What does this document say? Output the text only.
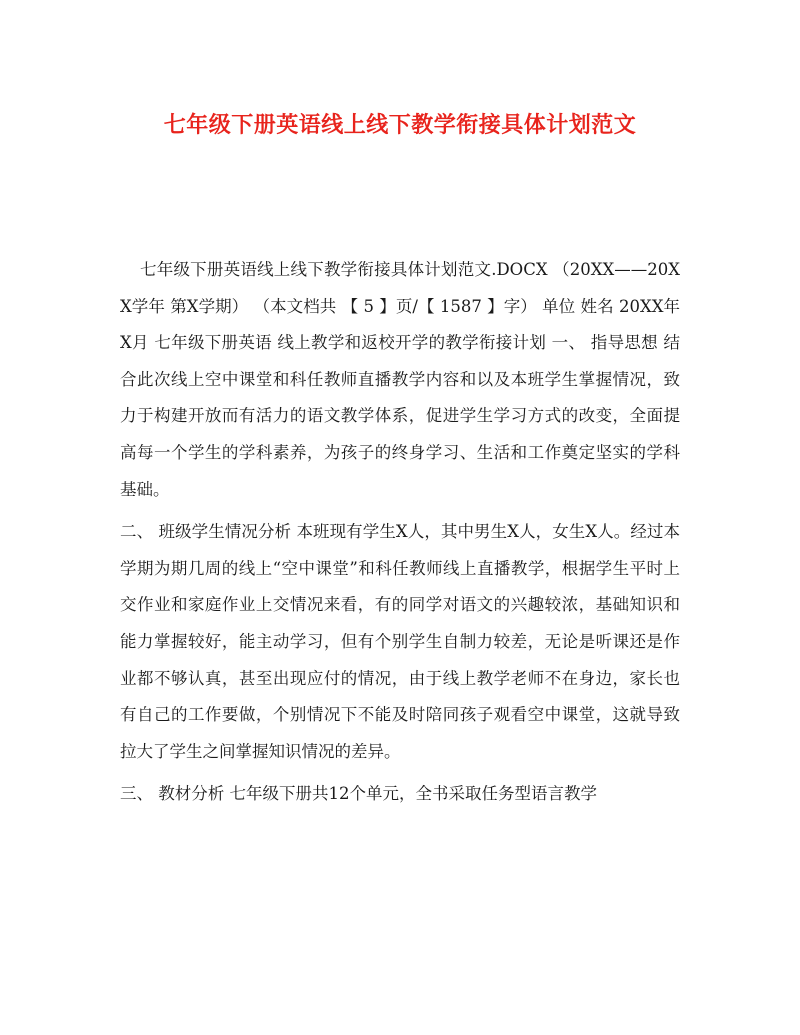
七年级下册英语线上线下教学衔接具体计划范文

七年级下册英语线上线下教学衔接具体计划范文.DOCX （20XX——20XX学年 第X学期） （本文档共 【 5 】页/【 1587 】字） 单位 姓名 20XX年X月 七年级下册英语 线上教学和返校开学的教学衔接计划 一、 指导思想 结合此次线上空中课堂和科任教师直播教学内容和以及本班学生掌握情况，致力于构建开放而有活力的语文教学体系，促进学生学习方式的改变，全面提高每一个学生的学科素养，为孩子的终身学习、生活和工作奠定坚实的学科基础。

二、 班级学生情况分析 本班现有学生X人，其中男生X人，女生X人。经过本学期为期几周的线上“空中课堂”和科任教师线上直播教学，根据学生平时上交作业和家庭作业上交情况来看，有的同学对语文的兴趣较浓，基础知识和能力掌握较好，能主动学习，但有个别学生自制力较差，无论是听课还是作业都不够认真，甚至出现应付的情况，由于线上教学老师不在身边，家长也有自己的工作要做，个别情况下不能及时陪同孩子观看空中课堂，这就导致拉大了学生之间掌握知识情况的差异。

三、 教材分析 七年级下册共12个单元，全书采取任务型语言教学
